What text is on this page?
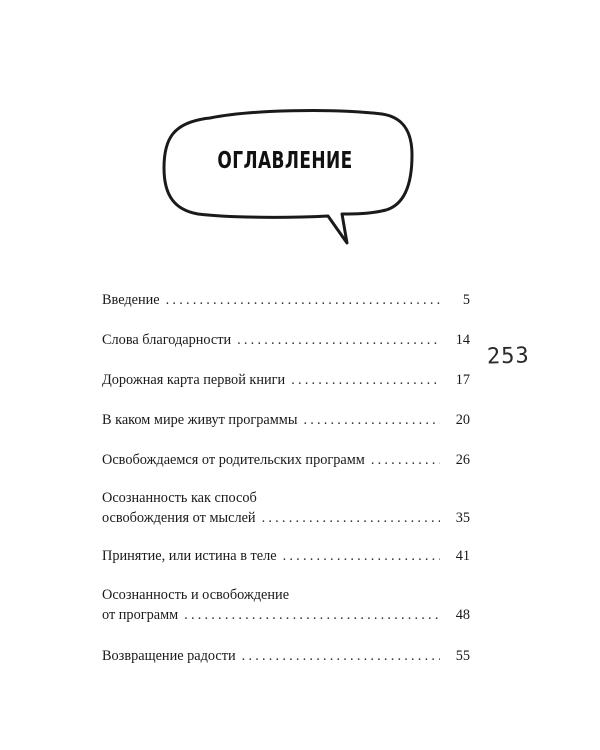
ОГЛАВЛЕНИЕ
253
Введение .....	5
Слова благодарности .....	14
Дорожная карта первой книги .....	17
В каком мире живут программы .....	20
Освобождаемся от родительских программ .....	26
Осознанность как способ
освобождения от мыслей .....	35
Принятие, или истина в теле .....	41
Осознанность и освобождение
от программ .....	48
Возвращение радости .....	55
